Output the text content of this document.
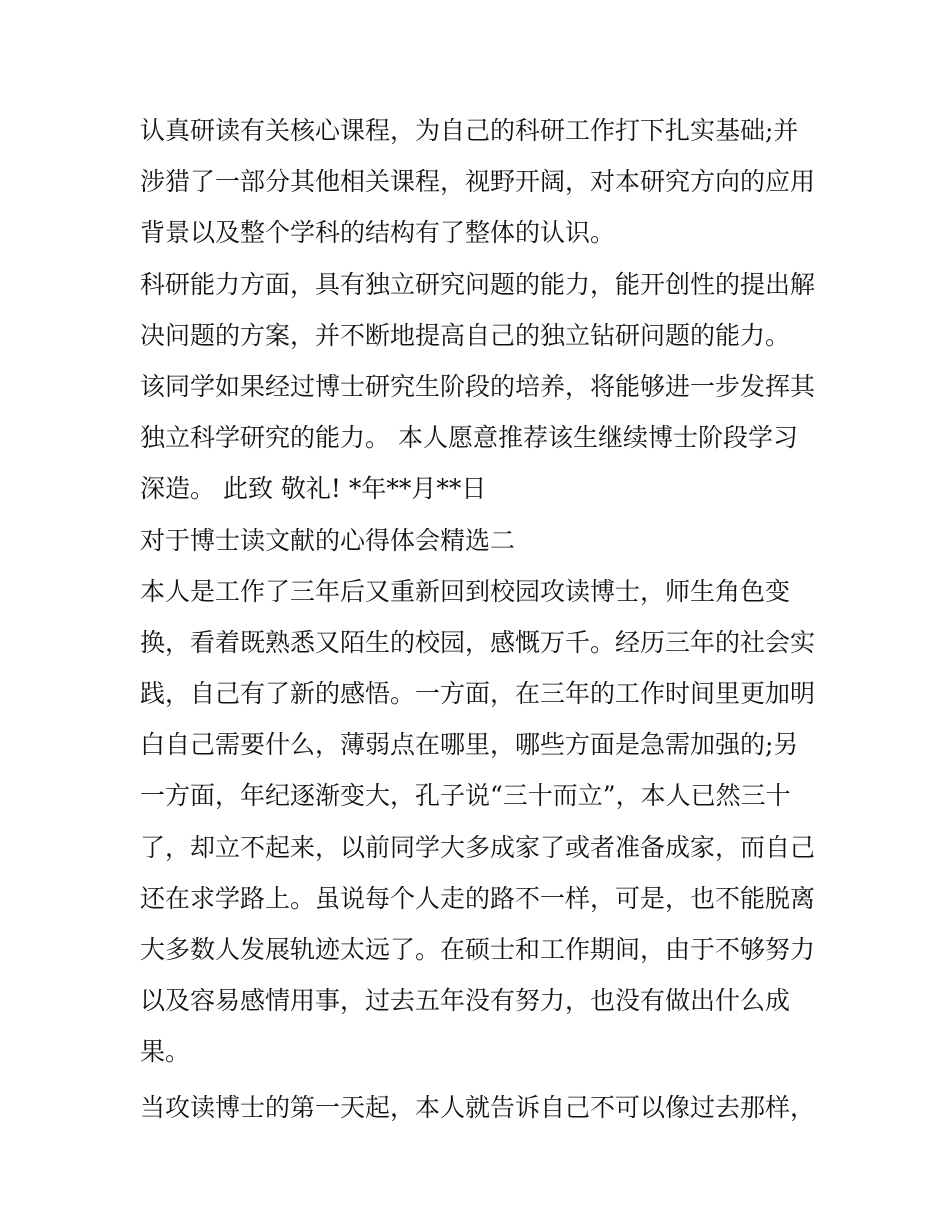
认真研读有关核心课程，为自己的科研工作打下扎实基础;并
涉猎了一部分其他相关课程，视野开阔，对本研究方向的应用
背景以及整个学科的结构有了整体的认识。
科研能力方面，具有独立研究问题的能力，能开创性的提出解
决问题的方案，并不断地提高自己的独立钻研问题的能力。
该同学如果经过博士研究生阶段的培养，将能够进一步发挥其
独立科学研究的能力。 本人愿意推荐该生继续博士阶段学习
深造。 此致 敬礼! *年**月**日
对于博士读文献的心得体会精选二
本人是工作了三年后又重新回到校园攻读博士，师生角色变
换，看着既熟悉又陌生的校园，感慨万千。经历三年的社会实
践，自己有了新的感悟。一方面，在三年的工作时间里更加明
白自己需要什么，薄弱点在哪里，哪些方面是急需加强的;另
一方面，年纪逐渐变大，孔子说“三十而立”，本人已然三十
了，却立不起来，以前同学大多成家了或者准备成家，而自己
还在求学路上。虽说每个人走的路不一样，可是，也不能脱离
大多数人发展轨迹太远了。在硕士和工作期间，由于不够努力
以及容易感情用事，过去五年没有努力，也没有做出什么成
果。
当攻读博士的第一天起，本人就告诉自己不可以像过去那样，
